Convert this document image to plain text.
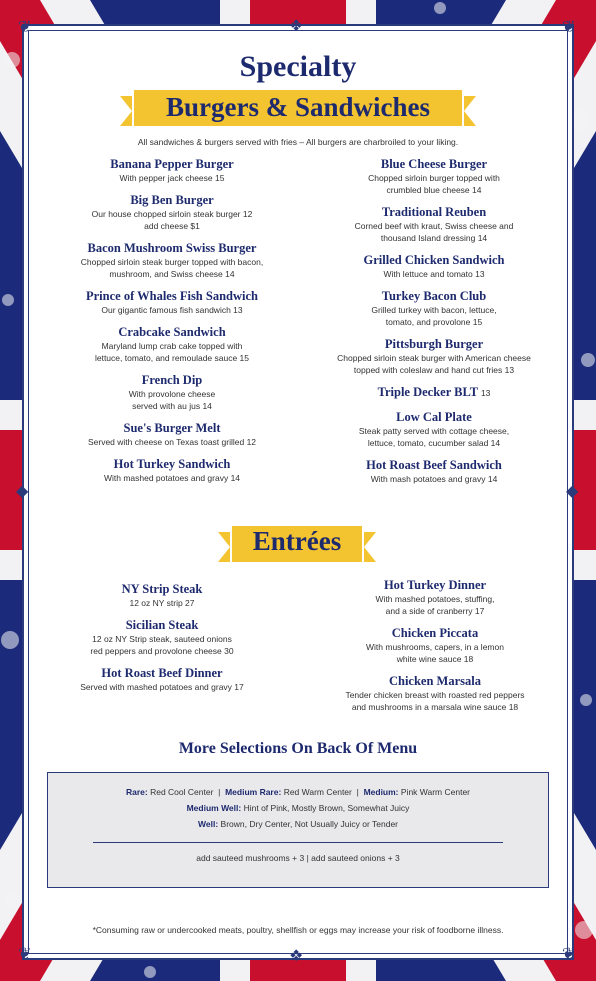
❦	❦
❦	❦
❖
❖
◆	◆
Specialty
Burgers & Sandwiches
All sandwiches & burgers served with fries – All burgers are charbroiled to your liking.
Banana Pepper Burger
With pepper jack cheese 15
Big Ben Burger
Our house chopped sirloin steak burger 12
add cheese $1
Bacon Mushroom Swiss Burger
Chopped sirloin steak burger topped with bacon,
mushroom, and Swiss cheese 14
Prince of Whales Fish Sandwich
Our gigantic famous fish sandwich 13
Crabcake Sandwich
Maryland lump crab cake topped with
lettuce, tomato, and remoulade sauce 15
French Dip
With provolone cheese
served with au jus 14
Sue's Burger Melt
Served with cheese on Texas toast grilled 12
Hot Turkey Sandwich
With mashed potatoes and gravy 14
Blue Cheese Burger
Chopped sirloin burger topped with
crumbled blue cheese 14
Traditional Reuben
Corned beef with kraut, Swiss cheese and
thousand Island dressing 14
Grilled Chicken Sandwich
With lettuce and tomato 13
Turkey Bacon Club
Grilled turkey with bacon, lettuce,
tomato, and provolone 15
Pittsburgh Burger
Chopped sirloin steak burger with American cheese
topped with coleslaw and hand cut fries 13
Triple Decker BLT 13
Low Cal Plate
Steak patty served with cottage cheese,
lettuce, tomato, cucumber salad 14
Hot Roast Beef Sandwich
With mash potatoes and gravy 14
Entrées
NY Strip Steak
12 oz NY strip 27
Sicilian Steak
12 oz NY Strip steak, sauteed onions
red peppers and provolone cheese 30
Hot Roast Beef Dinner
Served with mashed potatoes and gravy 17
Hot Turkey Dinner
With mashed potatoes, stuffing,
and a side of cranberry 17
Chicken Piccata
With mushrooms, capers, in a lemon
white wine sauce 18
Chicken Marsala
Tender chicken breast with roasted red peppers
and mushrooms in a marsala wine sauce 18
More Selections On Back Of Menu
Rare: Red Cool Center | Medium Rare: Red Warm Center | Medium: Pink Warm Center
Medium Well: Hint of Pink, Mostly Brown, Somewhat Juicy
Well: Brown, Dry Center, Not Usually Juicy or Tender
add sauteed mushrooms + 3 | add sauteed onions + 3
*Consuming raw or undercooked meats, poultry, shellfish or eggs may increase your risk of foodborne illness.
